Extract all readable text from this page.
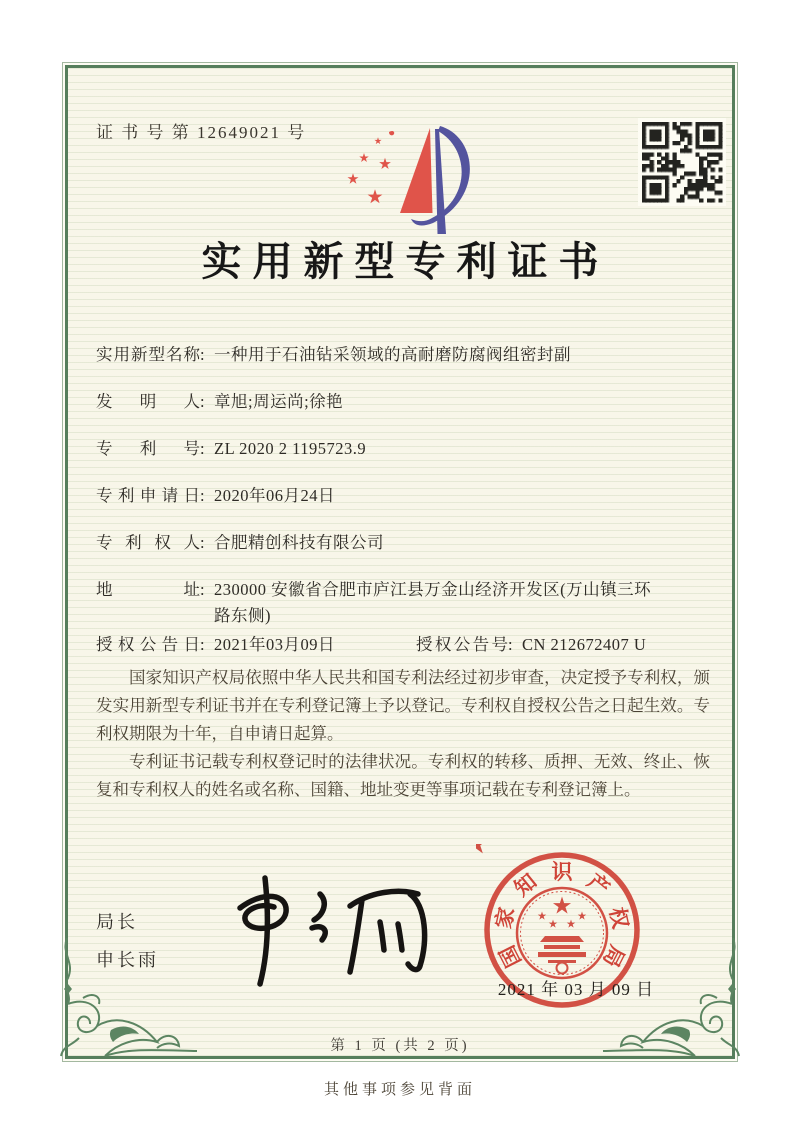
证 书 号 第 12649021 号
实用新型专利证书
实用新型名称: 一种用于石油钻采领域的高耐磨防腐阀组密封副
发明人: 章旭;周运尚;徐艳
专利号: ZL 2020 2 1195723.9
专利申请日: 2020年06月24日
专利权人: 合肥精创科技有限公司
地址: 230000 安徽省合肥市庐江县万金山经济开发区(万山镇三环路东侧)
授权公告日: 2021年03月09日	授权公告号: CN 212672407 U

国家知识产权局依照中华人民共和国专利法经过初步审查，决定授予专利权，颁发实用新型专利证书并在专利登记簿上予以登记。专利权自授权公告之日起生效。专利权期限为十年，自申请日起算。

专利证书记载专利权登记时的法律状况。专利权的转移、质押、无效、终止、恢复和专利权人的姓名或名称、国籍、地址变更等事项记载在专利登记簿上。

局长
申长雨	国
家
知 识 产
权
局
2021 年 03 月 09 日
第 1 页 (共 2 页)
其他事项参见背面
